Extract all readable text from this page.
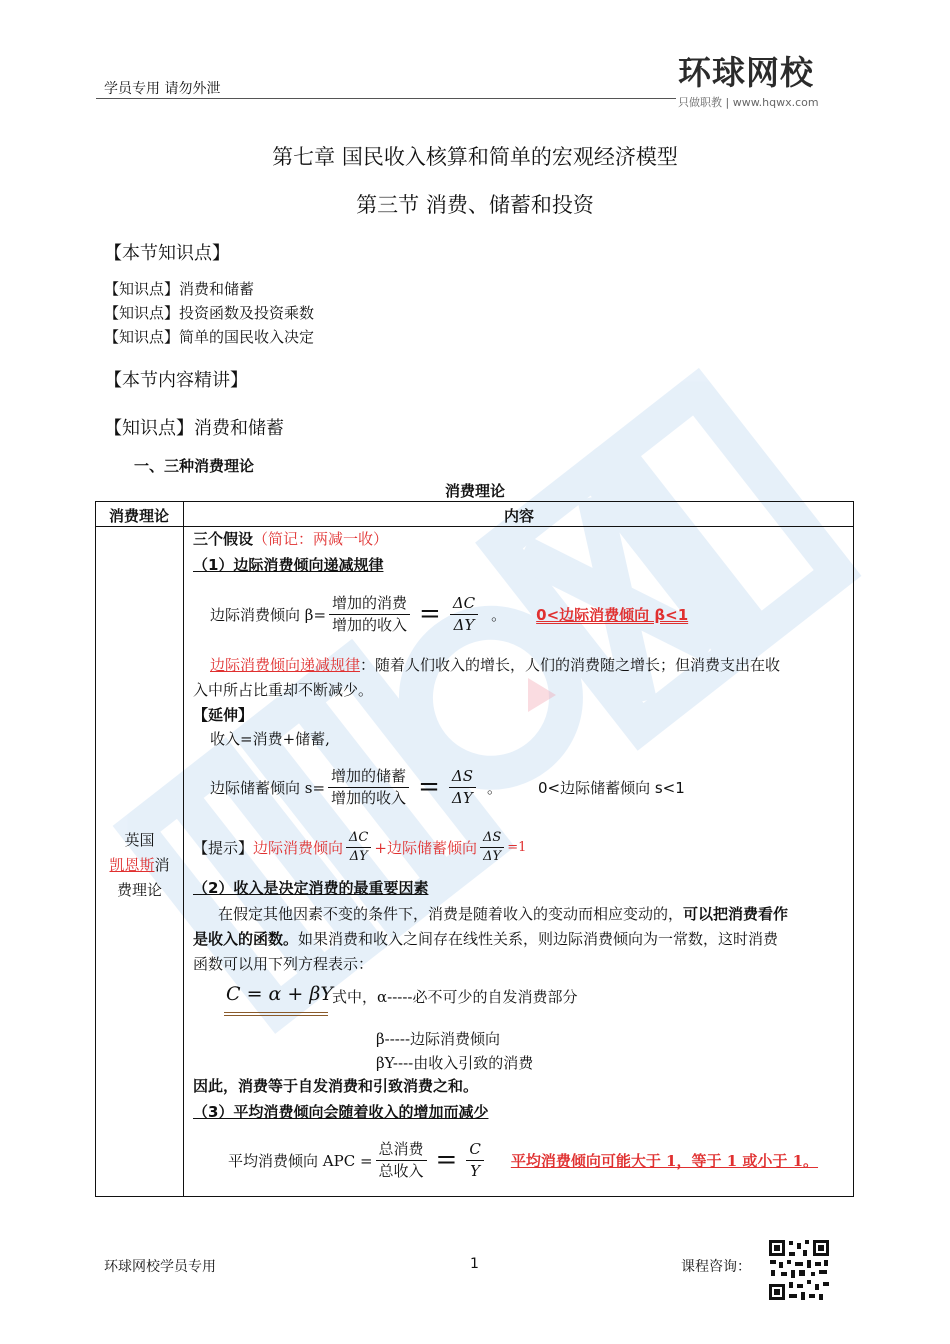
学员专用 请勿外泄	环球网校
只做职教 | www.hqwx.com
第七章 国民收入核算和简单的宏观经济模型
第三节 消费、储蓄和投资
【本节知识点】
【知识点】消费和储蓄
【知识点】投资函数及投资乘数
【知识点】简单的国民收入决定
【本节内容精讲】
【知识点】消费和储蓄
一、三种消费理论
消费理论
消费理论	内容
英国
凯恩斯消
费理论
三个假设（简记：两减一收）
（1）边际消费倾向递减规律
边际消费倾向 $\beta= \frac{\text{增加的消费}}{\text{增加的收入}} = \frac{\Delta C}{\Delta Y}$ 。 0<边际消费倾向 β<1
边际消费倾向递减规律：随着人们收入的增长，人们的消费随之增长；但消费支出在收
入中所占比重却不断减少。
【延伸】
收入=消费+储蓄,
边际储蓄倾向 $s= \frac{\text{增加的储蓄}}{\text{增加的收入}} = \frac{\Delta S}{\Delta Y}$ 。 0<边际储蓄倾向 s<1
【提示】 边际消费倾向 $\frac{\Delta C}{\Delta Y}$ +边际储蓄倾向 $\frac{\Delta S}{\Delta Y} =1$
（2）收入是决定消费的最重要因素
在假定其他因素不变的条件下，消费是随着收入的变动而相应变动的，可以把消费看作
是收入的函数。如果消费和收入之间存在线性关系，则边际消费倾向为一常数，这时消费
函数可以用下列方程表示：
C = α + βY 式中，α-----必不可少的自发消费部分
β-----边际消费倾向
βY----由收入引致的消费
因此，消费等于自发消费和引致消费之和。
（3）平均消费倾向会随着收入的增加而减少
平均消费倾向 APC = $\frac{\text{总消费}}{\text{总收入}} = \frac{C}{Y}$ 平均消费倾向可能大于 1，等于 1 或小于 1。
环球网校学员专用	1	课程咨询：
